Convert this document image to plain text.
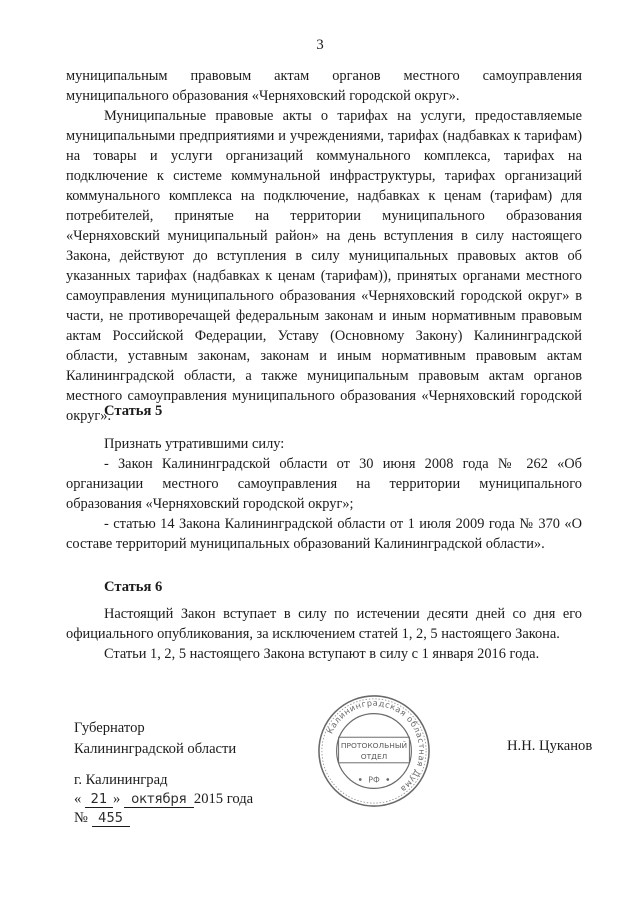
3

муниципальным правовым актам органов местного самоуправления муниципального образования «Черняховский городской округ».

Муниципальные правовые акты о тарифах на услуги, предоставляемые муниципальными предприятиями и учреждениями, тарифах (надбавках к тарифам) на товары и услуги организаций коммунального комплекса, тарифах на подключение к системе коммунальной инфраструктуры, тарифах организаций коммунального комплекса на подключение, надбавках к ценам (тарифам) для потребителей, принятые на территории муниципального образования «Черняховский муниципальный район» на день вступления в силу настоящего Закона, действуют до вступления в силу муниципальных правовых актов об указанных тарифах (надбавках к ценам (тарифам)), принятых органами местного самоуправления муниципального образования «Черняховский городской округ» в части, не противоречащей федеральным законам и иным нормативным правовым актам Российской Федерации, Уставу (Основному Закону) Калининградской области, уставным законам, законам и иным нормативным правовым актам Калининградской области, а также муниципальным правовым актам органов местного самоуправления муниципального образования «Черняховский городской округ».

Статья 5

Признать утратившими силу:

- Закон Калининградской области от 30 июня 2008 года № 262 «Об организации местного самоуправления на территории муниципального образования «Черняховский городской округ»;

- статью 14 Закона Калининградской области от 1 июля 2009 года № 370 «О составе территорий муниципальных образований Калининградской области».

Статья 6

Настоящий Закон вступает в силу по истечении десяти дней со дня его официального опубликования, за исключением статей 1, 2, 5 настоящего Закона.

Статьи 1, 2, 5 настоящего Закона вступают в силу с 1 января 2016 года.

Губернатор
Калининградской области
Калининградская областная Дума
ПРОТОКОЛЬНЫЙ
ОТДЕЛ
РФ
Н.Н. Цуканов
г. Калининград
« 21 » октября 2015 года
№ 455
